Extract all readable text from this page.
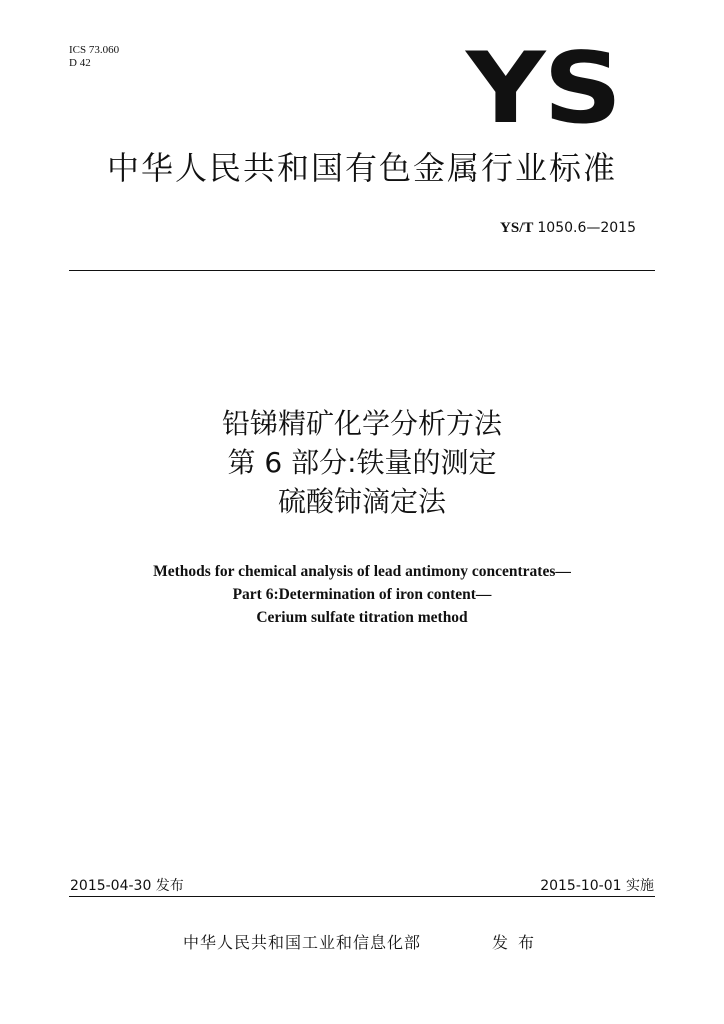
ICS 73.060
D 42	YS
中华人民共和国有色金属行业标准
YS/T 1050.6—2015
铅锑精矿化学分析方法
第 6 部分:铁量的测定
硫酸铈滴定法
Methods for chemical analysis of lead antimony concentrates—
Part 6:Determination of iron content—
Cerium sulfate titration method
2015-04-30 发布	2015-10-01 实施
中华人民共和国工业和信息化部	发布
